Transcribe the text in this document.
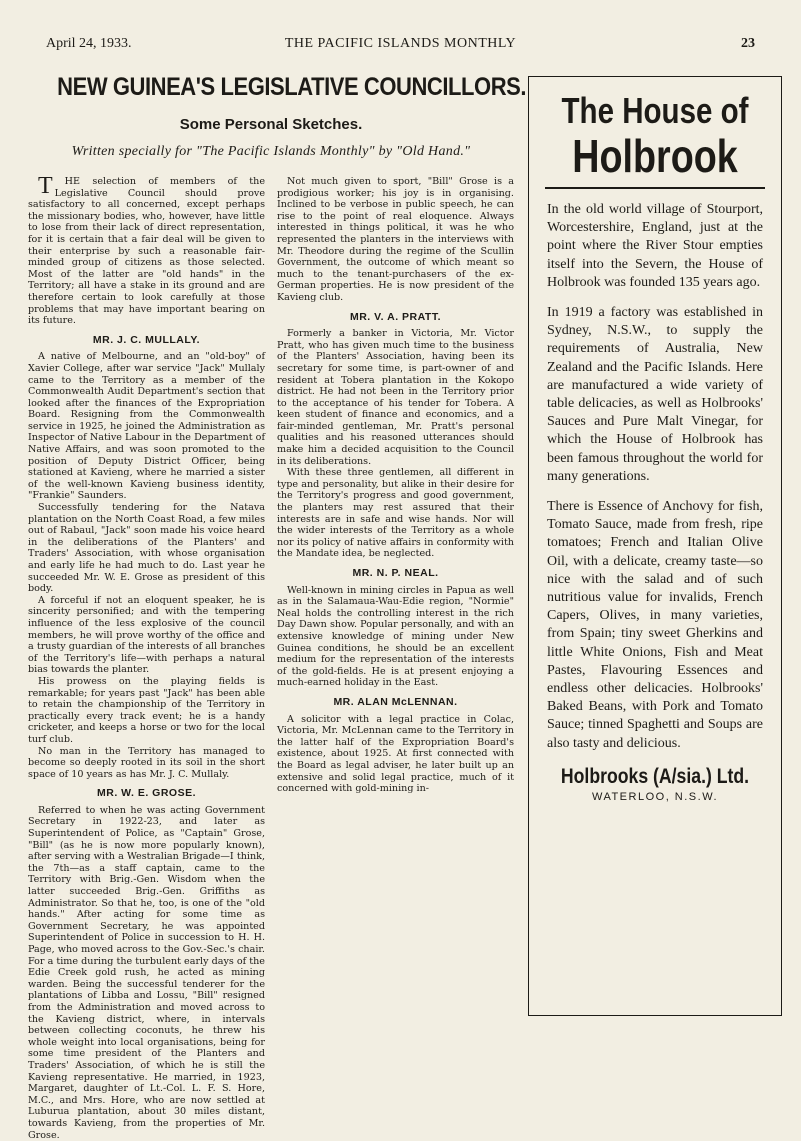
April 24, 1933.	THE PACIFIC ISLANDS MONTHLY	23
NEW GUINEA'S LEGISLATIVE COUNCILLORS.
Some Personal Sketches.
Written specially for "The Pacific Islands Monthly" by "Old Hand."

THE selection of members of the Legislative Council should prove satisfactory to all concerned, except perhaps the missionary bodies, who, however, have little to lose from their lack of direct representation, for it is certain that a fair deal will be given to their enterprise by such a reasonable fair-minded group of citizens as those selected. Most of the latter are "old hands" in the Territory; all have a stake in its ground and are therefore certain to look carefully at those problems that may have important bearing on its future.

MR. J. C. MULLALY.

A native of Melbourne, and an "old-boy" of Xavier College, after war service "Jack" Mullaly came to the Territory as a member of the Commonwealth Audit Department's section that looked after the finances of the Expropriation Board. Resigning from the Commonwealth service in 1925, he joined the Administration as Inspector of Native Labour in the Department of Native Affairs, and was soon promoted to the position of Deputy District Officer, being stationed at Kavieng, where he married a sister of the well-known Kavieng business identity, "Frankie" Saunders.

Successfully tendering for the Natava plantation on the North Coast Road, a few miles out of Rabaul, "Jack" soon made his voice heard in the deliberations of the Planters' and Traders' Association, with whose organisation and early life he had much to do. Last year he succeeded Mr. W. E. Grose as president of this body.

A forceful if not an eloquent speaker, he is sincerity personified; and with the tempering influence of the less explosive of the council members, he will prove worthy of the office and a trusty guardian of the interests of all branches of the Territory's life—with perhaps a natural bias towards the planter.

His prowess on the playing fields is remarkable; for years past "Jack" has been able to retain the championship of the Territory in practically every track event; he is a handy cricketer, and keeps a horse or two for the local turf club.

No man in the Territory has managed to become so deeply rooted in its soil in the short space of 10 years as has Mr. J. C. Mullaly.

MR. W. E. GROSE.

Referred to when he was acting Government Secretary in 1922-23, and later as Superintendent of Police, as "Captain" Grose, "Bill" (as he is now more popularly known), after serving with a Westralian Brigade—I think, the 7th—as a staff captain, came to the Territory with Brig.-Gen. Wisdom when the latter succeeded Brig.-Gen. Griffiths as Administrator. So that he, too, is one of the "old hands." After acting for some time as Government Secretary, he was appointed Superintendent of Police in succession to H. H. Page, who moved across to the Gov.-Sec.'s chair. For a time during the turbulent early days of the Edie Creek gold rush, he acted as mining warden. Being the successful tenderer for the plantations of Libba and Lossu, "Bill" resigned from the Administration and moved across to the Kavieng district, where, in intervals between collecting coconuts, he threw his whole weight into local organisations, being for some time president of the Planters and Traders' Association, of which he is still the Kavieng representative. He married, in 1923, Margaret, daughter of Lt.-Col. L. F. S. Hore, M.C., and Mrs. Hore, who are now settled at Luburua plantation, about 30 miles distant, towards Kavieng, from the properties of Mr. Grose.

Not much given to sport, "Bill" Grose is a prodigious worker; his joy is in organising. Inclined to be verbose in public speech, he can rise to the point of real eloquence. Always interested in things political, it was he who represented the planters in the interviews with Mr. Theodore during the regime of the Scullin Government, the outcome of which meant so much to the tenant-purchasers of the ex-German properties. He is now president of the Kavieng club.

MR. V. A. PRATT.

Formerly a banker in Victoria, Mr. Victor Pratt, who has given much time to the business of the Planters' Association, having been its secretary for some time, is part-owner of and resident at Tobera plantation in the Kokopo district. He had not been in the Territory prior to the acceptance of his tender for Tobera. A keen student of finance and economics, and a fair-minded gentleman, Mr. Pratt's personal qualities and his reasoned utterances should make him a decided acquisition to the Council in its deliberations.

With these three gentlemen, all different in type and personality, but alike in their desire for the Territory's progress and good government, the planters may rest assured that their interests are in safe and wise hands. Nor will the wider interests of the Territory as a whole nor its policy of native affairs in conformity with the Mandate idea, be neglected.

MR. N. P. NEAL.

Well-known in mining circles in Papua as well as in the Salamaua-Wau-Edie region, "Normie" Neal holds the controlling interest in the rich Day Dawn show. Popular personally, and with an extensive knowledge of mining under New Guinea conditions, he should be an excellent medium for the representation of the interests of the gold-fields. He is at present enjoying a much-earned holiday in the East.

MR. ALAN McLENNAN.

A solicitor with a legal practice in Colac, Victoria, Mr. McLennan came to the Territory in the latter half of the Expropriation Board's existence, about 1925. At first connected with the Board as legal adviser, he later built up an extensive and solid legal practice, much of it concerned with gold-mining in-

The House of
Holbrook

In the old world village of Stourport, Worcestershire, England, just at the point where the River Stour empties itself into the Severn, the House of Holbrook was founded 135 years ago.

In 1919 a factory was established in Sydney, N.S.W., to supply the requirements of Australia, New Zealand and the Pacific Islands. Here are manufactured a wide variety of table delicacies, as well as Holbrooks' Sauces and Pure Malt Vinegar, for which the House of Holbrook has been famous throughout the world for many generations.

There is Essence of Anchovy for fish, Tomato Sauce, made from fresh, ripe tomatoes; French and Italian Olive Oil, with a delicate, creamy taste—so nice with the salad and of such nutritious value for invalids, French Capers, Olives, in many varieties, from Spain; tiny sweet Gherkins and little White Onions, Fish and Meat Pastes, Flavouring Essences and endless other delicacies. Holbrooks' Baked Beans, with Pork and Tomato Sauce; tinned Spaghetti and Soups are also tasty and delicious.

Holbrooks (A/sia.) Ltd.
WATERLOO, N.S.W.
